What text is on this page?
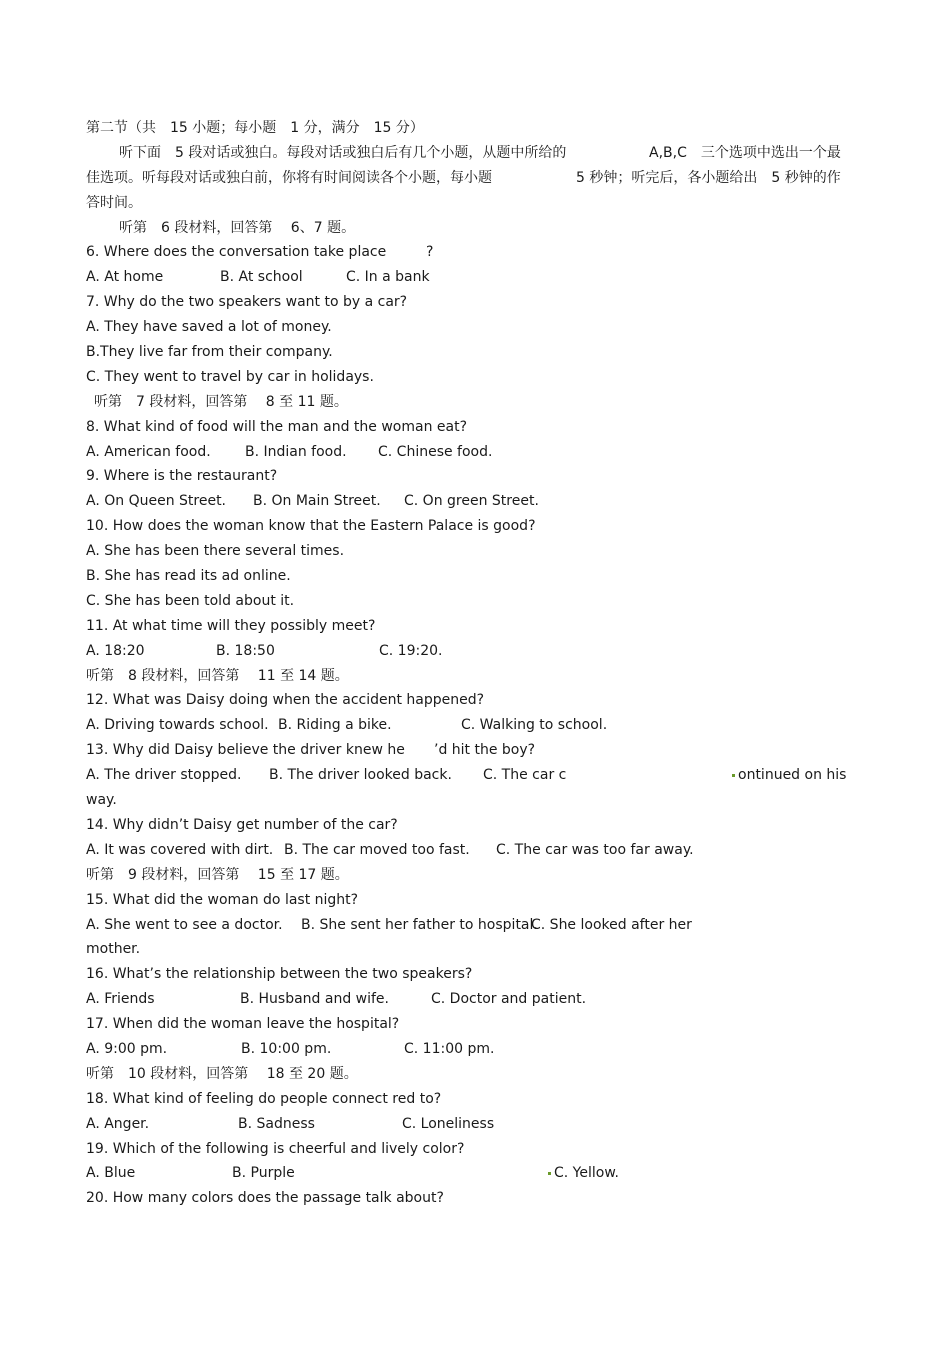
第二节（共　15 小题；每小题　1 分，满分　15 分）
听下面　5 段对话或独白。每段对话或独白后有几个小题，从题中所给的	A,B,C　三个选项中选出一个最
佳选项。听每段对话或独白前，你将有时间阅读各个小题，每小题	5 秒钟；听完后，各小题给出　5 秒钟的作
答时间。
听第　6 段材料，回答第　 6、7 题。
6. Where does the conversation take place	?
A. At home	B. At school	C. In a bank
7. Why do the two speakers want to by a car?
A. They have saved a lot of money.
B.They live far from their company.
C. They went to travel by car in holidays.
听第　7 段材料，回答第　 8 至 11 题。
8. What kind of food will the man and the woman eat?
A. American food. B. Indian food. C. Chinese food.
9. Where is the restaurant?
A. On Queen Street. B. On Main Street. C. On green Street.
10. How does the woman know that the Eastern Palace is good?
A. She has been there several times.
B. She has read its ad online.
C. She has been told about it.
11. At what time will they possibly meet?
A. 18:20	B. 18:50	C. 19:20.
听第　8 段材料，回答第　 11 至 14 题。
12. What was Daisy doing when the accident happened?
A. Driving towards school. B. Riding a bike.	C. Walking to school.
13. Why did Daisy believe the driver knew he ’d hit the boy?
A. The driver stopped. B. The driver looked back. C. The car c	ontinued on his
way.
14. Why didn’t Daisy get number of the car?
A. It was covered with dirt. B. The car moved too fast. C. The car was too far away.
听第　9 段材料，回答第　 15 至 17 题。
15. What did the woman do last night?
A. She went to see a doctor. B. She sent her father to hospital.
C. She looked after her
mother.
16. What’s the relationship between the two speakers?
A. Friends	B. Husband and wife.	C. Doctor and patient.
17. When did the woman leave the hospital?
A. 9:00 pm.	B. 10:00 pm.	C. 11:00 pm.
听第　10 段材料，回答第　 18 至 20 题。
18. What kind of feeling do people connect red to?
A. Anger.	B. Sadness	C. Loneliness
19. Which of the following is cheerful and lively color?
A. Blue	B. Purple	C. Yellow.
20. How many colors does the passage talk about?
